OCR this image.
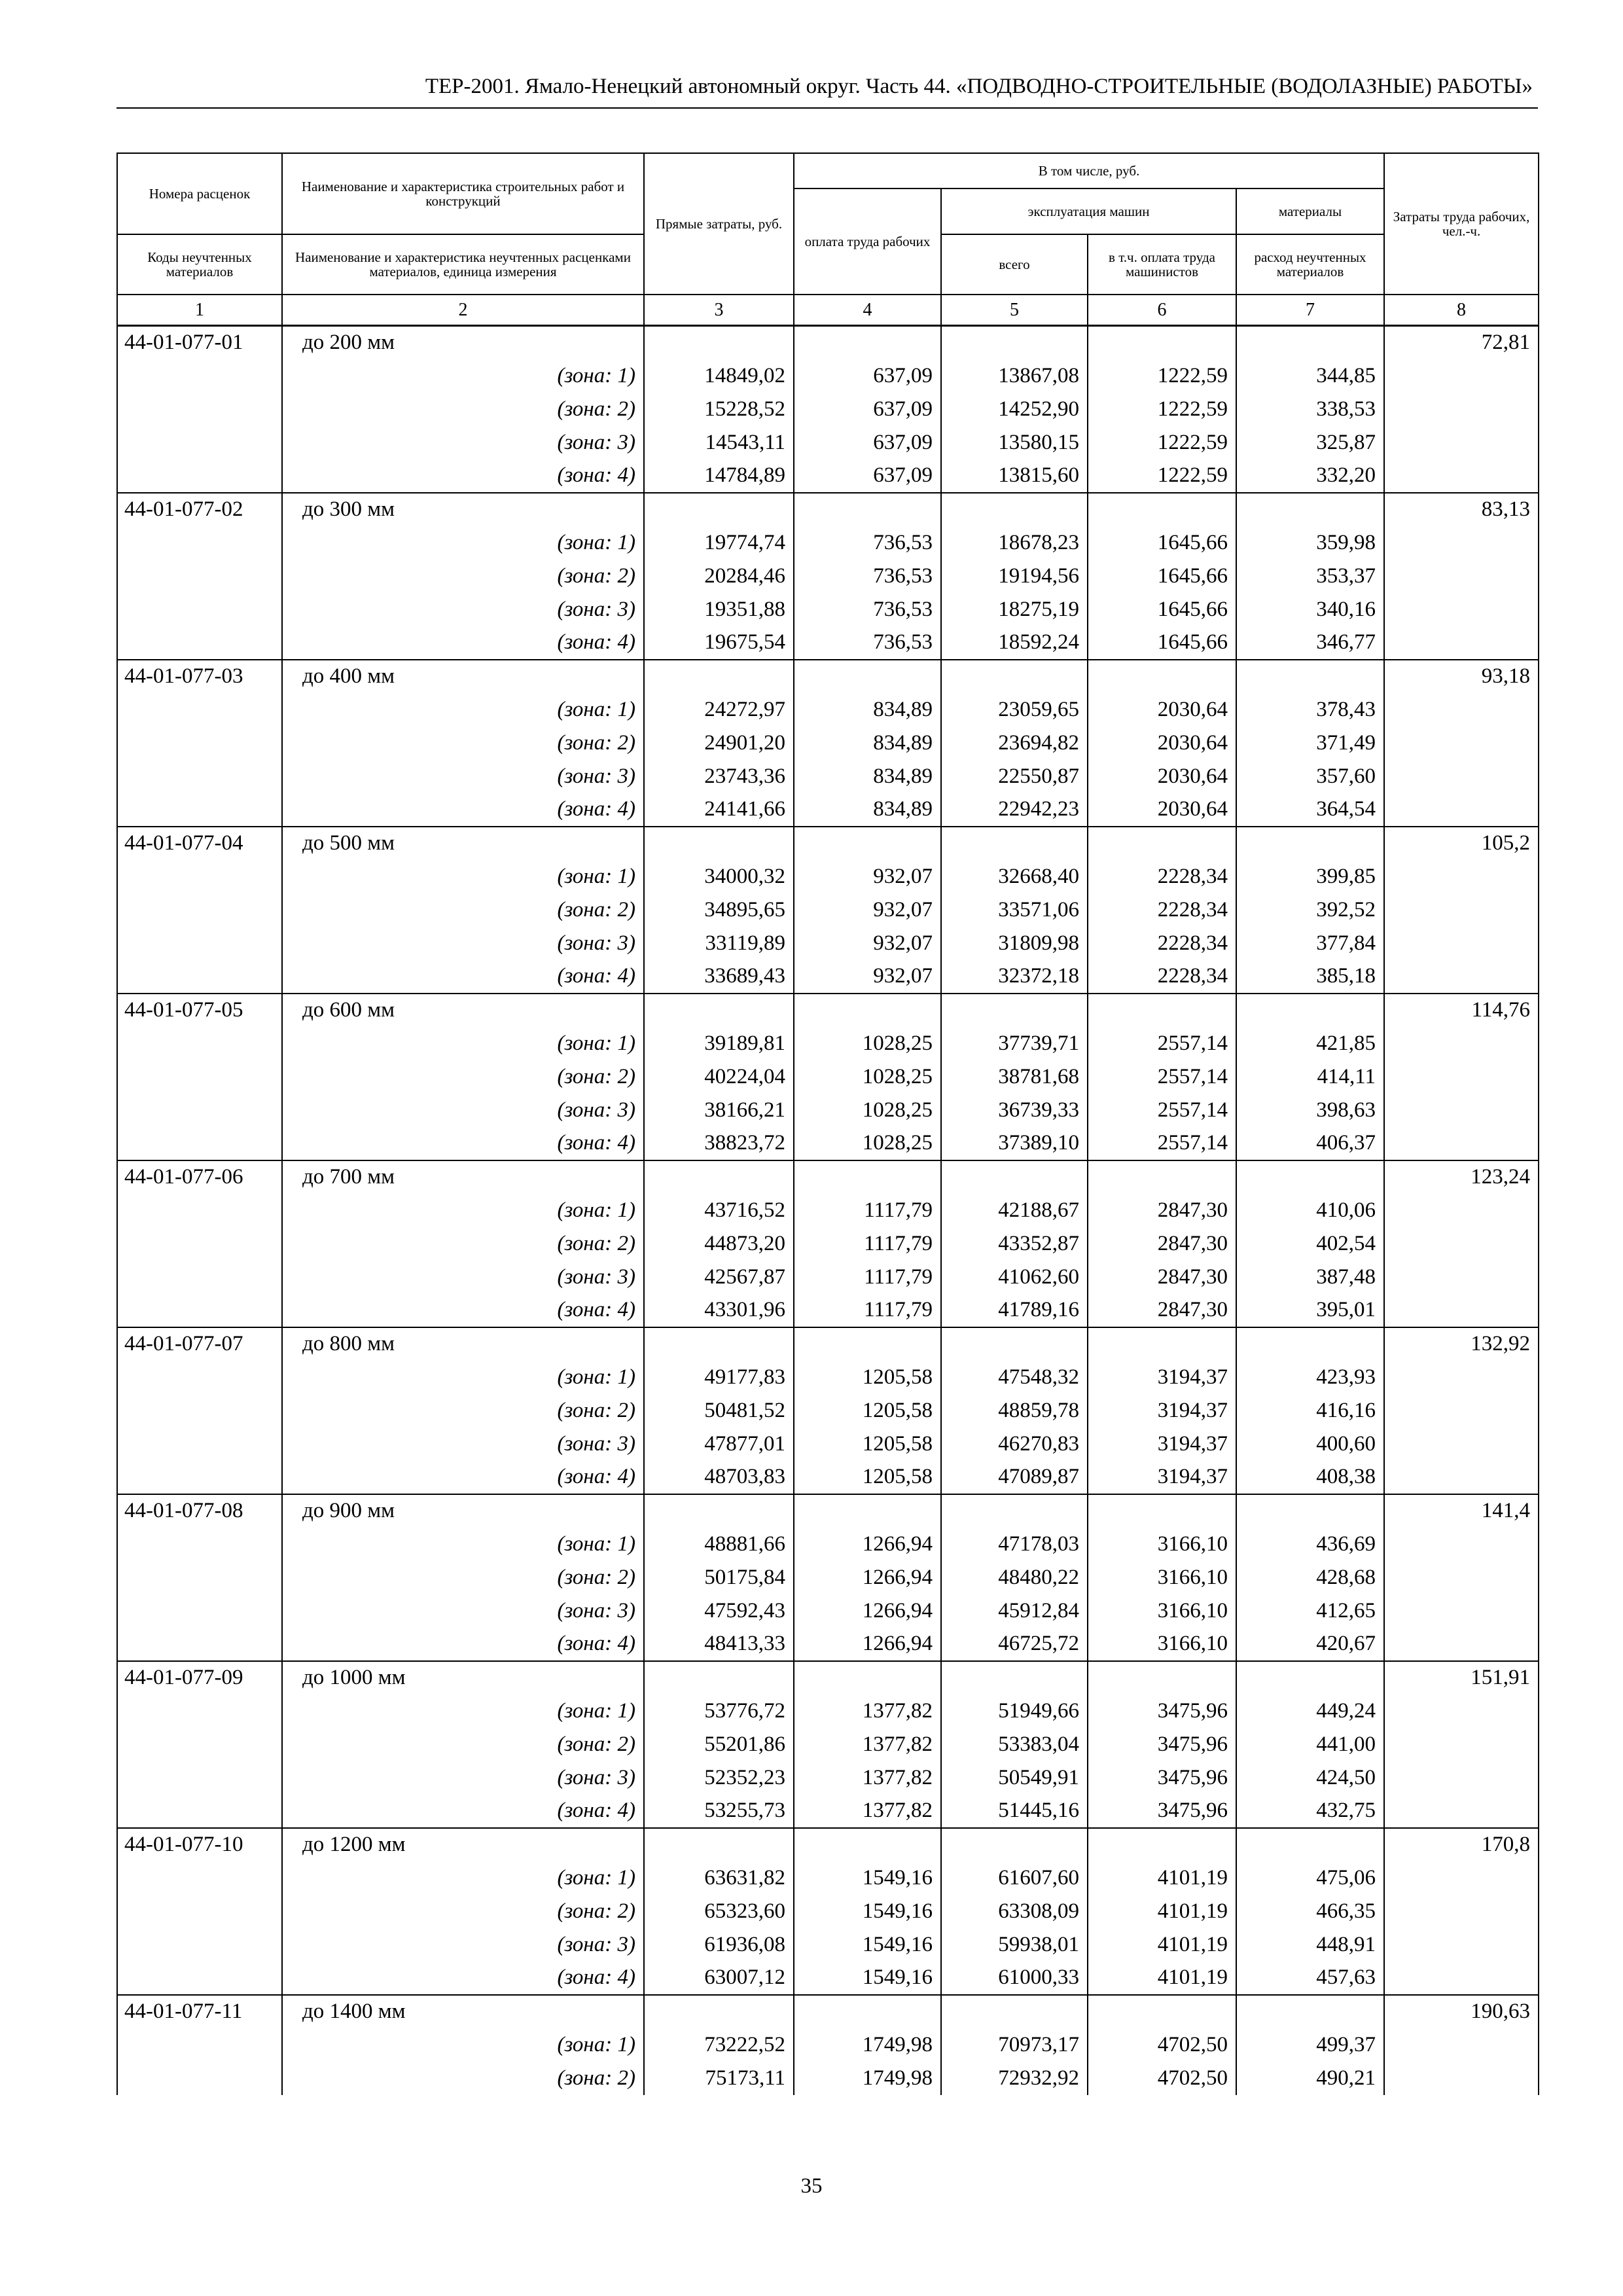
ТЕР-2001. Ямало-Ненецкий автономный округ. Часть 44. «ПОДВОДНО-СТРОИТЕЛЬНЫЕ (ВОДОЛАЗНЫЕ) РАБОТЫ»
Номера расценок	Наименование и характеристика строительных работ и конструкций	Прямые затраты, руб.	В том числе, руб.				Затраты труда рабочих, чел.-ч.
			оплата труда рабочих	эксплуатация машин		материалы	
Коды неучтенных материалов	Наименование и характеристика неучтенных расценками материалов, единица измерения			всего	в т.ч. оплата труда машинистов	расход неучтенных материалов	
1	2	3	4	5	6	7	8
44-01-077-01	до 200 мм						72,81
	(зона: 1)	14849,02	637,09	13867,08	1222,59	344,85	
	(зона: 2)	15228,52	637,09	14252,90	1222,59	338,53	
	(зона: 3)	14543,11	637,09	13580,15	1222,59	325,87	
	(зона: 4)	14784,89	637,09	13815,60	1222,59	332,20	
44-01-077-02	до 300 мм						83,13
	(зона: 1)	19774,74	736,53	18678,23	1645,66	359,98	
	(зона: 2)	20284,46	736,53	19194,56	1645,66	353,37	
	(зона: 3)	19351,88	736,53	18275,19	1645,66	340,16	
	(зона: 4)	19675,54	736,53	18592,24	1645,66	346,77	
44-01-077-03	до 400 мм						93,18
	(зона: 1)	24272,97	834,89	23059,65	2030,64	378,43	
	(зона: 2)	24901,20	834,89	23694,82	2030,64	371,49	
	(зона: 3)	23743,36	834,89	22550,87	2030,64	357,60	
	(зона: 4)	24141,66	834,89	22942,23	2030,64	364,54	
44-01-077-04	до 500 мм						105,2
	(зона: 1)	34000,32	932,07	32668,40	2228,34	399,85	
	(зона: 2)	34895,65	932,07	33571,06	2228,34	392,52	
	(зона: 3)	33119,89	932,07	31809,98	2228,34	377,84	
	(зона: 4)	33689,43	932,07	32372,18	2228,34	385,18	
44-01-077-05	до 600 мм						114,76
	(зона: 1)	39189,81	1028,25	37739,71	2557,14	421,85	
	(зона: 2)	40224,04	1028,25	38781,68	2557,14	414,11	
	(зона: 3)	38166,21	1028,25	36739,33	2557,14	398,63	
	(зона: 4)	38823,72	1028,25	37389,10	2557,14	406,37	
44-01-077-06	до 700 мм						123,24
	(зона: 1)	43716,52	1117,79	42188,67	2847,30	410,06	
	(зона: 2)	44873,20	1117,79	43352,87	2847,30	402,54	
	(зона: 3)	42567,87	1117,79	41062,60	2847,30	387,48	
	(зона: 4)	43301,96	1117,79	41789,16	2847,30	395,01	
44-01-077-07	до 800 мм						132,92
	(зона: 1)	49177,83	1205,58	47548,32	3194,37	423,93	
	(зона: 2)	50481,52	1205,58	48859,78	3194,37	416,16	
	(зона: 3)	47877,01	1205,58	46270,83	3194,37	400,60	
	(зона: 4)	48703,83	1205,58	47089,87	3194,37	408,38	
44-01-077-08	до 900 мм						141,4
	(зона: 1)	48881,66	1266,94	47178,03	3166,10	436,69	
	(зона: 2)	50175,84	1266,94	48480,22	3166,10	428,68	
	(зона: 3)	47592,43	1266,94	45912,84	3166,10	412,65	
	(зона: 4)	48413,33	1266,94	46725,72	3166,10	420,67	
44-01-077-09	до 1000 мм						151,91
	(зона: 1)	53776,72	1377,82	51949,66	3475,96	449,24	
	(зона: 2)	55201,86	1377,82	53383,04	3475,96	441,00	
	(зона: 3)	52352,23	1377,82	50549,91	3475,96	424,50	
	(зона: 4)	53255,73	1377,82	51445,16	3475,96	432,75	
44-01-077-10	до 1200 мм						170,8
	(зона: 1)	63631,82	1549,16	61607,60	4101,19	475,06	
	(зона: 2)	65323,60	1549,16	63308,09	4101,19	466,35	
	(зона: 3)	61936,08	1549,16	59938,01	4101,19	448,91	
	(зона: 4)	63007,12	1549,16	61000,33	4101,19	457,63	
44-01-077-11	до 1400 мм						190,63
	(зона: 1)	73222,52	1749,98	70973,17	4702,50	499,37	
	(зона: 2)	75173,11	1749,98	72932,92	4702,50	490,21	
35
